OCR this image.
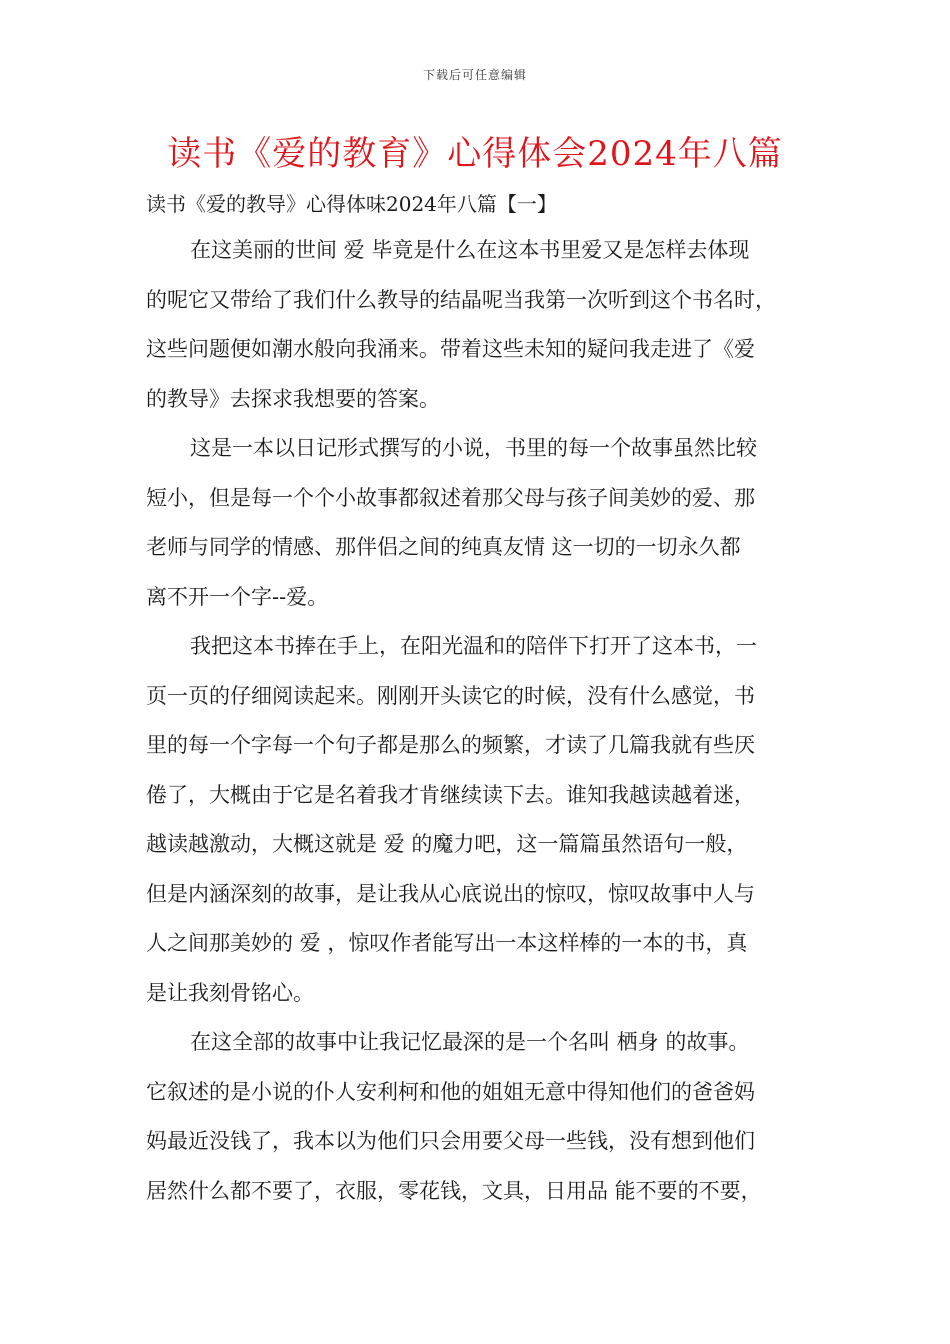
下载后可任意编辑
读书《爱的教育》心得体会2024年八篇
读书《爱的教导》心得体味2024年八篇【一】
在这美丽的世间 爱 毕竟是什么在这本书里爱又是怎样去体现
的呢它又带给了我们什么教导的结晶呢当我第一次听到这个书名时，
这些问题便如潮水般向我涌来。带着这些未知的疑问我走进了《爱
的教导》去探求我想要的答案。
这是一本以日记形式撰写的小说，书里的每一个故事虽然比较
短小，但是每一个个小故事都叙述着那父母与孩子间美妙的爱、那
老师与同学的情感、那伴侣之间的纯真友情 这一切的一切永久都
离不开一个字--爱。
我把这本书捧在手上，在阳光温和的陪伴下打开了这本书，一
页一页的仔细阅读起来。刚刚开头读它的时候，没有什么感觉，书
里的每一个字每一个句子都是那么的频繁，才读了几篇我就有些厌
倦了，大概由于它是名着我才肯继续读下去。谁知我越读越着迷，
越读越激动，大概这就是 爱 的魔力吧，这一篇篇虽然语句一般，
但是内涵深刻的故事，是让我从心底说出的惊叹，惊叹故事中人与
人之间那美妙的 爱 ，惊叹作者能写出一本这样棒的一本的书，真
是让我刻骨铭心。
在这全部的故事中让我记忆最深的是一个名叫 栖身 的故事。
它叙述的是小说的仆人安利柯和他的姐姐无意中得知他们的爸爸妈
妈最近没钱了，我本以为他们只会用要父母一些钱，没有想到他们
居然什么都不要了，衣服，零花钱，文具，日用品 能不要的不要，
